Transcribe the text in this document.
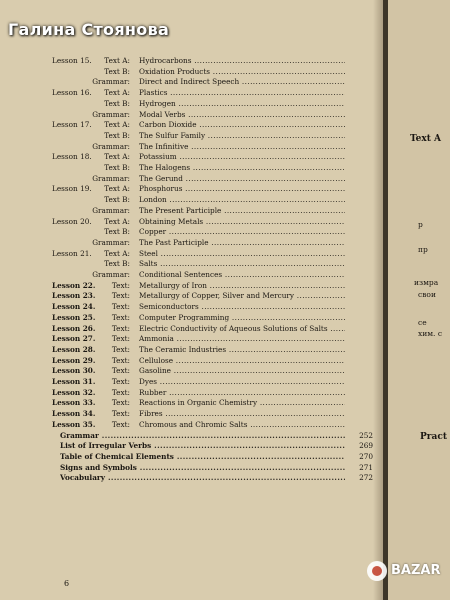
Галина Стоянова
Lesson 15.	Text A: Hydrocarbons .....
Text B: Oxidation Products .....
Grammar: Direct and Indirect Speech .....
Lesson 16.	Text A: Plastics .....
Text B: Hydrogen .....
Grammar: Modal Verbs .....
Lesson 17.	Text A: Carbon Dioxide .....
Text B: The Sulfur Family .....
Grammar: The Infinitive .....
Lesson 18.	Text A: Potassium .....
Text B: The Halogens .....
Grammar: The Gerund .....
Lesson 19.	Text A: Phosphorus .....
Text B: London .....
Grammar: The Present Participle .....
Lesson 20.	Text A: Obtaining Metals .....
Text B: Copper .....
Grammar: The Past Participle .....
Lesson 21.	Text A: Steel .....
Text B: Salts .....
Grammar: Conditional Sentences .....
Lesson 22.	Text: Metallurgy of Iron .....
Lesson 23.	Text: Metallurgy of Copper, Silver and Mercury .....
Lesson 24.	Text: Semiconductors .....
Lesson 25.	Text: Computer Programming .....
Lesson 26.	Text: Electric Conductivity of Aqueous Solutions of Salts .....
Lesson 27.	Text: Ammonia .....
Lesson 28.	Text: The Ceramic Industries .....
Lesson 29.	Text: Cellulose .....
Lesson 30.	Text: Gasoline .....
Lesson 31.	Text: Dyes .....
Lesson 32.	Text: Rubber .....
Lesson 33.	Text: Reactions in Organic Chemistry .....
Lesson 34.	Text: Fibres .....
Lesson 35.	Text: Chromous and Chromic Salts .....
Grammar .....	252
List of Irregular Verbs .....	269
Table of Chemical Elements .....	270
Signs and Symbols .....	271
Vocabulary .....	272
6
Text A
Pract
р
пр
измра
свои
се
хим. с
BAZAR
